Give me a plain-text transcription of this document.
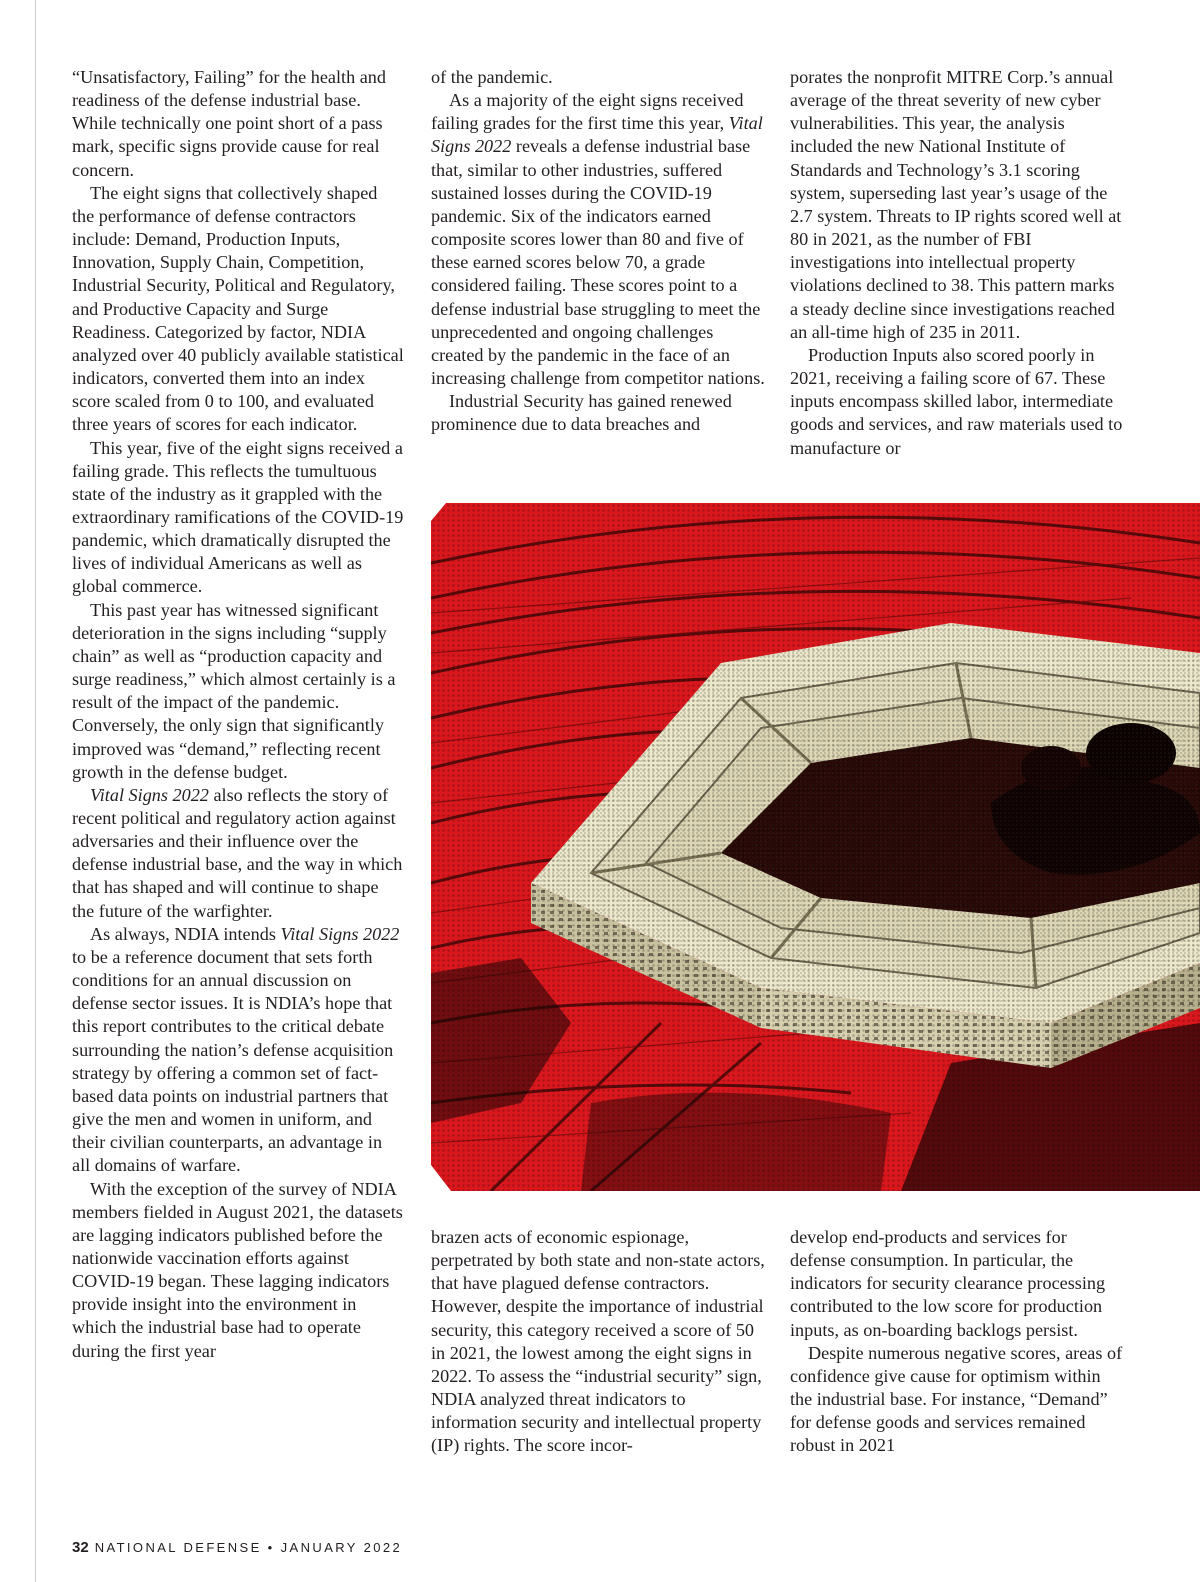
“Unsatisfactory, Failing” for the health and readiness of the defense industrial base. While technically one point short of a pass mark, specific signs provide cause for real concern.

The eight signs that collectively shaped the performance of defense contractors include: Demand, Production Inputs, Innovation, Supply Chain, Competition, Industrial Security, Political and Regulatory, and Productive Capacity and Surge Readiness. Categorized by factor, NDIA analyzed over 40 publicly available statistical indicators, converted them into an index score scaled from 0 to 100, and evaluated three years of scores for each indicator.

This year, five of the eight signs received a failing grade. This reflects the tumultuous state of the industry as it grappled with the extraordinary ramifications of the COVID-19 pandemic, which dramatically disrupted the lives of individual Americans as well as global commerce.

This past year has witnessed significant deterioration in the signs including “supply chain” as well as “production capacity and surge readiness,” which almost certainly is a result of the impact of the pandemic. Conversely, the only sign that significantly improved was “demand,” reflecting recent growth in the defense budget.

Vital Signs 2022 also reflects the story of recent political and regulatory action against adversaries and their influence over the defense industrial base, and the way in which that has shaped and will continue to shape the future of the warfighter.

As always, NDIA intends Vital Signs 2022 to be a reference document that sets forth conditions for an annual discussion on defense sector issues. It is NDIA’s hope that this report contributes to the critical debate surrounding the nation’s defense acquisition strategy by offering a common set of fact-based data points on industrial partners that give the men and women in uniform, and their civilian counterparts, an advantage in all domains of warfare.

With the exception of the survey of NDIA members fielded in August 2021, the datasets are lagging indicators published before the nationwide vaccination efforts against COVID-19 began. These lagging indicators provide insight into the environment in which the industrial base had to operate during the first year

of the pandemic.

As a majority of the eight signs received failing grades for the first time this year, Vital Signs 2022 reveals a defense industrial base that, similar to other industries, suffered sustained losses during the COVID-19 pandemic. Six of the indicators earned composite scores lower than 80 and five of these earned scores below 70, a grade considered failing. These scores point to a defense industrial base struggling to meet the unprecedented and ongoing challenges created by the pandemic in the face of an increasing challenge from competitor nations.

Industrial Security has gained renewed prominence due to data breaches and

porates the nonprofit MITRE Corp.’s annual average of the threat severity of new cyber vulnerabilities. This year, the analysis included the new National Institute of Standards and Technology’s 3.1 scoring system, superseding last year’s usage of the 2.7 system. Threats to IP rights scored well at 80 in 2021, as the number of FBI investigations into intellectual property violations declined to 38. This pattern marks a steady decline since investigations reached an all-time high of 235 in 2011.

Production Inputs also scored poorly in 2021, receiving a failing score of 67. These inputs encompass skilled labor, intermediate goods and services, and raw materials used to manufacture or

brazen acts of economic espionage, perpetrated by both state and non-state actors, that have plagued defense contractors. However, despite the importance of industrial security, this category received a score of 50 in 2021, the lowest among the eight signs in 2022. To assess the “industrial security” sign, NDIA analyzed threat indicators to information security and intellectual property (IP) rights. The score incor-

develop end-products and services for defense consumption. In particular, the indicators for security clearance processing contributed to the low score for production inputs, as on-boarding backlogs persist.

Despite numerous negative scores, areas of confidence give cause for optimism within the industrial base. For instance, “Demand” for defense goods and services remained robust in 2021

32 NATIONAL DEFENSE • JANUARY 2022
